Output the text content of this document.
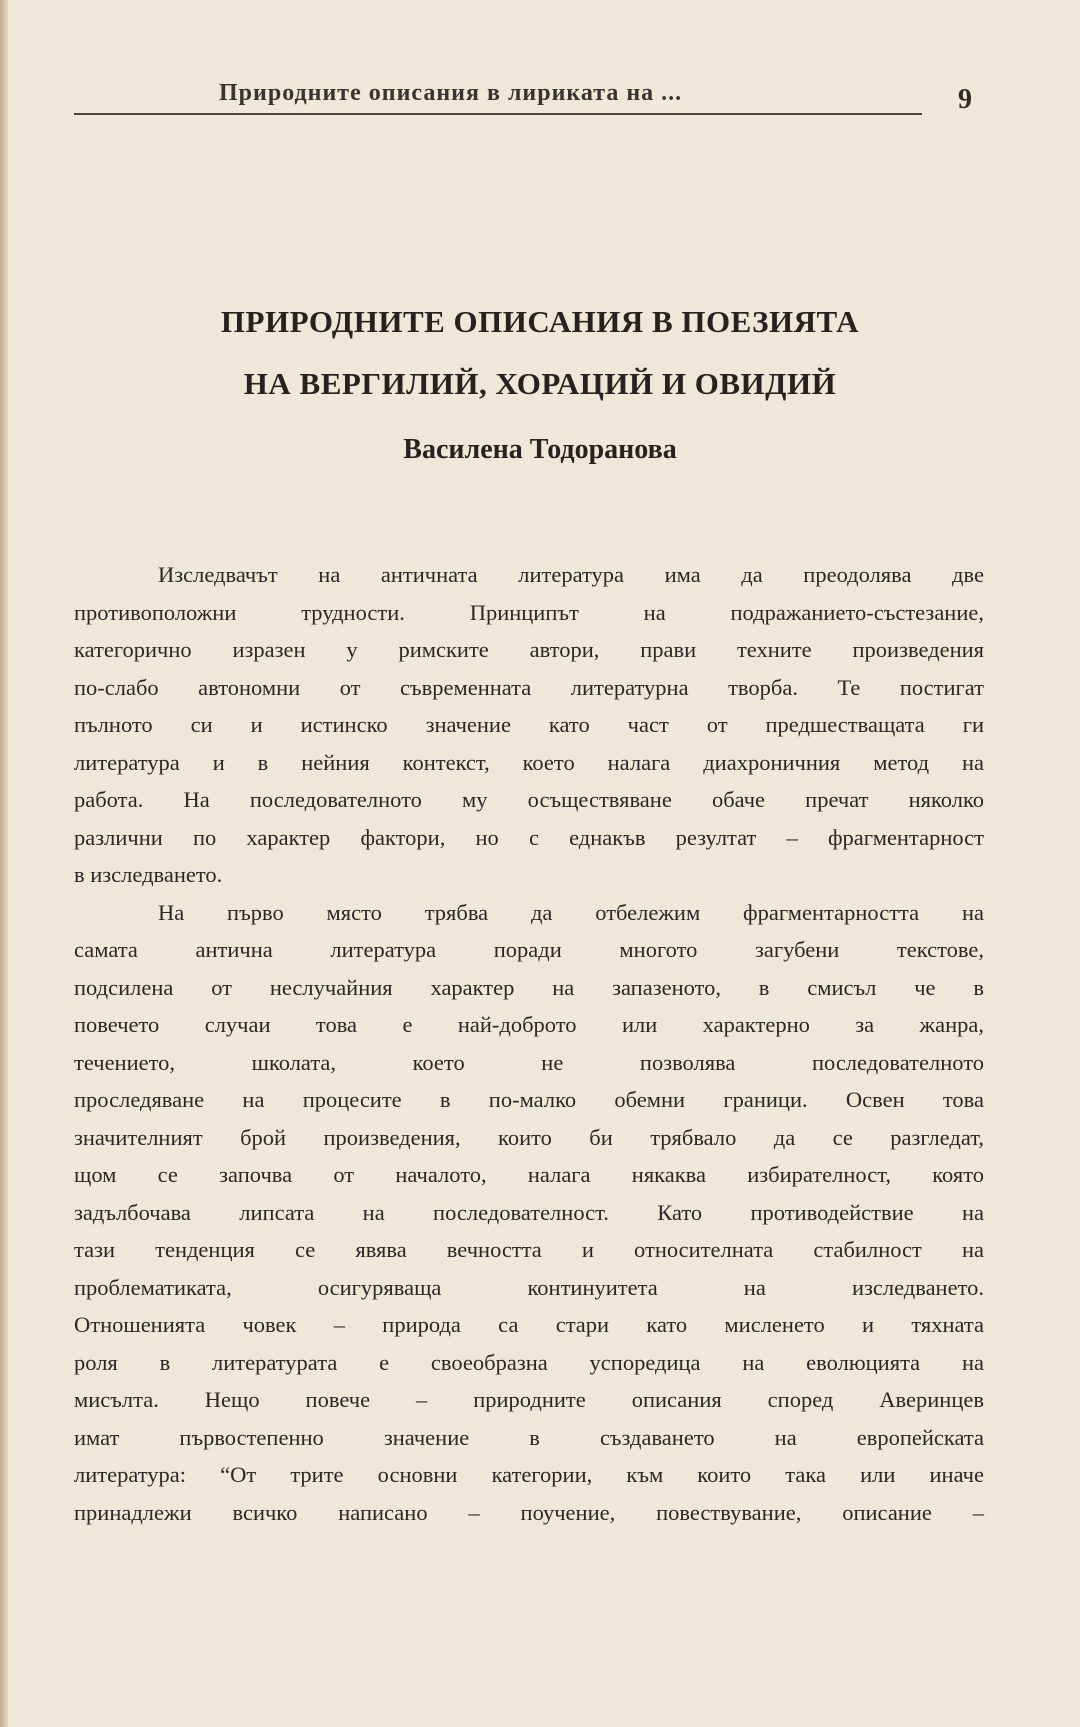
Природните описания в лириката на ...	9
ПРИРОДНИТЕ ОПИСАНИЯ В ПОЕЗИЯТА
НА ВЕРГИЛИЙ, ХОРАЦИЙ И ОВИДИЙ
Василена Тодоранова
Изследвачът на античната литература има да преодолява две
противоположни трудности. Принципът на подражанието-състезание,
категорично изразен у римските автори, прави техните произведения
по-слабо автономни от съвременната литературна творба. Те постигат
пълното си и истинско значение като част от предшестващата ги
литература и в нейния контекст, което налага диахроничния метод на
работа. На последователното му осъществяване обаче пречат няколко
различни по характер фактори, но с еднакъв резултат – фрагментарност
в изследването.
На първо място трябва да отбележим фрагментарността на
самата антична литература поради многото загубени текстове,
подсилена от неслучайния характер на запазеното, в смисъл че в
повечето случаи това е най-доброто или характерно за жанра,
течението, школата, което не позволява последователното
проследяване на процесите в по-малко обемни граници. Освен това
значителният брой произведения, които би трябвало да се разгледат,
щом се започва от началото, налага някаква избирателност, която
задълбочава липсата на последователност. Като противодействие на
тази тенденция се явява вечността и относителната стабилност на
проблематиката, осигуряваща континуитета на изследването.
Отношенията човек – природа са стари като мисленето и тяхната
роля в литературата е своеобразна успоредица на еволюцията на
мисълта. Нещо повече – природните описания според Аверинцев
имат първостепенно значение в създаването на европейската
литература: “От трите основни категории, към които така или иначе
принадлежи всичко написано – поучение, повествувание, описание –
